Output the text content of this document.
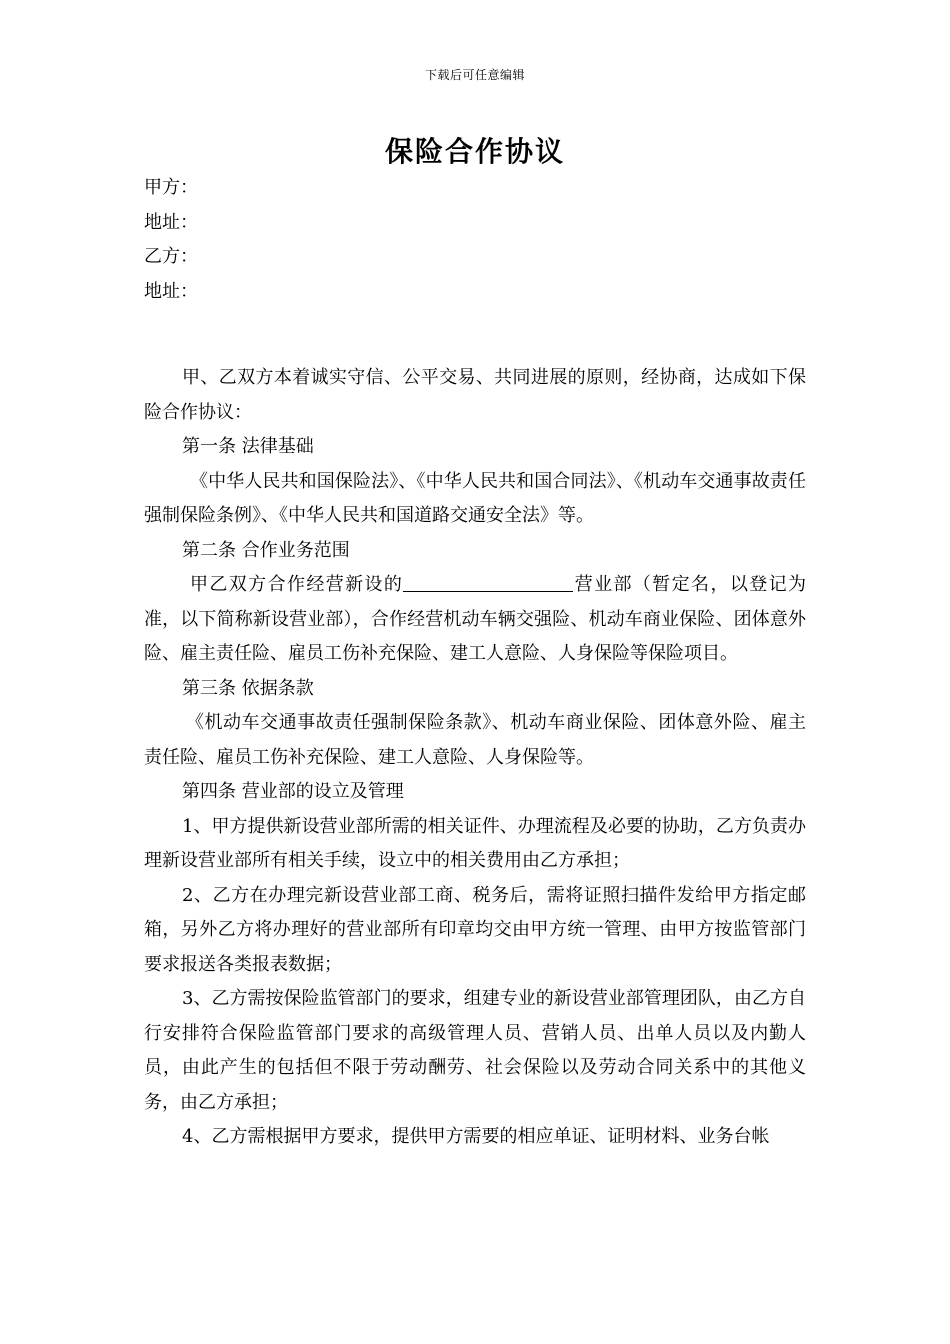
下载后可任意编辑
保险合作协议
甲方：
地址：
乙方：
地址：
甲、乙双方本着诚实守信、公平交易、共同进展的原则，经协商，达成如下保险合作协议：
第一条 法律基础
《中华人民共和国保险法》、《中华人民共和国合同法》、《机动车交通事故责任强制保险条例》、《中华人民共和国道路交通安全法》等。
第二条 合作业务范围
甲乙双方合作经营新设的	营业部（暂定名，以登记为准，以下简称新设营业部），合作经营机动车辆交强险、机动车商业保险、团体意外险、雇主责任险、雇员工伤补充保险、建工人意险、人身保险等保险项目。
第三条 依据条款
《机动车交通事故责任强制保险条款》、机动车商业保险、团体意外险、雇主责任险、雇员工伤补充保险、建工人意险、人身保险等。
第四条 营业部的设立及管理
1、甲方提供新设营业部所需的相关证件、办理流程及必要的协助，乙方负责办理新设营业部所有相关手续，设立中的相关费用由乙方承担；
2、乙方在办理完新设营业部工商、税务后，需将证照扫描件发给甲方指定邮箱，另外乙方将办理好的营业部所有印章均交由甲方统一管理、由甲方按监管部门要求报送各类报表数据；
3、乙方需按保险监管部门的要求，组建专业的新设营业部管理团队，由乙方自行安排符合保险监管部门要求的高级管理人员、营销人员、出单人员以及内勤人员，由此产生的包括但不限于劳动酬劳、社会保险以及劳动合同关系中的其他义务，由乙方承担；
4、乙方需根据甲方要求，提供甲方需要的相应单证、证明材料、业务台帐
